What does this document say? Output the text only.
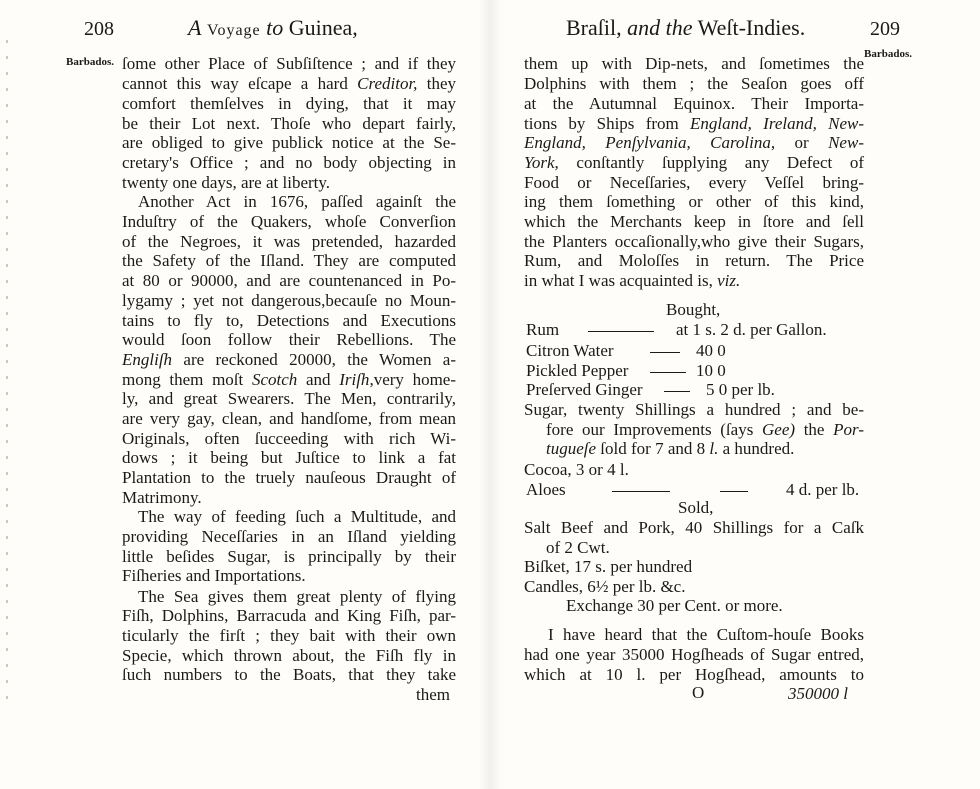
208	A Voyage to Guinea,
Barbados. ſome other Place of Subſiſtence ; and if they
cannot this way eſcape a hard Creditor, they
comfort themſelves in dying, that it may
be their Lot next. Thoſe who depart fairly,
are obliged to give publick notice at the Se-
cretary's Office ; and no body objecting in
twenty one days, are at liberty.
Another Act in 1676, paſſed againſt the
Induſtry of the Quakers, whoſe Converſion
of the Negroes, it was pretended, hazarded
the Safety of the Iſland. They are computed
at 80 or 90000, and are countenanced in Po-
lygamy ; yet not dangerous,becauſe no Moun-
tains to fly to, Detections and Executions
would ſoon follow their Rebellions. The
Engliſh are reckoned 20000, the Women a-
mong them moſt Scotch and Iriſh,very home-
ly, and great Swearers. The Men, contrarily,
are very gay, clean, and handſome, from mean
Originals, often ſucceeding with rich Wi-
dows ; it being but Juſtice to link a fat
Plantation to the truely nauſeous Draught of
Matrimony.
The way of feeding ſuch a Multitude, and
providing Neceſſaries in an Iſland yielding
little beſides Sugar, is principally by their
Fiſheries and Importations.
The Sea gives them great plenty of flying
Fiſh, Dolphins, Barracuda and King Fiſh, par-
ticularly the firſt ; they bait with their own
Specie, which thrown about, the Fiſh fly in
ſuch numbers to the Boats, that they take
them
Braſil, and the Weſt-Indies.	209
Barbados.
them up with Dip-nets, and ſometimes the
Dolphins with them ; the Seaſon goes off
at the Autumnal Equinox. Their Importa-
tions by Ships from England, Ireland, New-
England, Penſylvania, Carolina, or New-
York, conſtantly ſupplying any Defect of
Food or Neceſſaries, every Veſſel bring-
ing them ſomething or other of this kind,
which the Merchants keep in ſtore and ſell
the Planters occaſionally,who give their Sugars,
Rum, and Moloſſes in return. The Price
in what I was acquainted is, viz.
Bought,
Rum	at 1 s. 2 d. per Gallon.
Citron Water	40 0
Pickled Pepper	10 0
Preſerved Ginger	5 0 per lb.
Sugar, twenty Shillings a hundred ; and be-
fore our Improvements (ſays Gee) the Por-
tugueſe ſold for 7 and 8 l. a hundred.
Cocoa, 3 or 4 l.
Aloes	4 d. per lb.
Sold,
Salt Beef and Pork, 40 Shillings for a Caſk
of 2 Cwt.
Biſket, 17 s. per hundred
Candles, 6½ per lb. &c.
Exchange 30 per Cent. or more.
I have heard that the Cuſtom-houſe Books
had one year 35000 Hogſheads of Sugar entred,
which at 10 l. per Hogſhead, amounts to
O	350000 l
